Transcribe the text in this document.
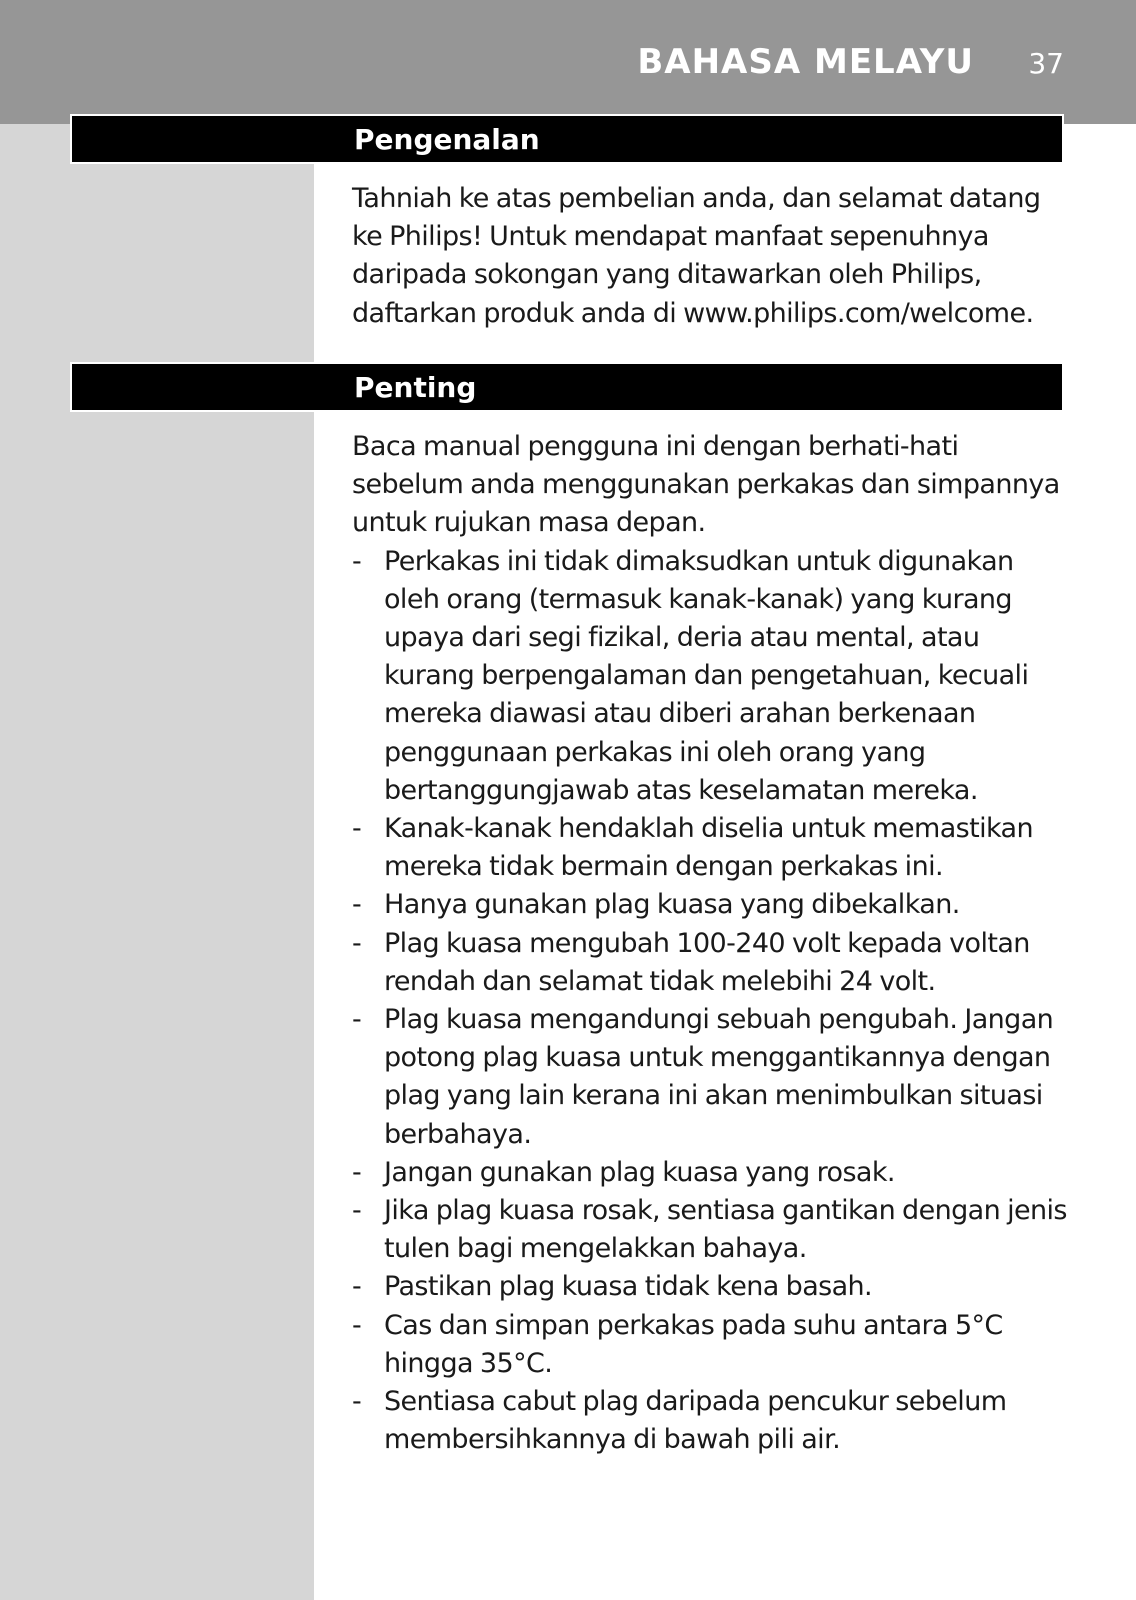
BAHASA MELAYU 37
Pengenalan

Tahniah ke atas pembelian anda, dan selamat datang ke Philips! Untuk mendapat manfaat sepenuhnya daripada sokongan yang ditawarkan oleh Philips, daftarkan produk anda di www.philips.com/welcome.

Penting

Baca manual pengguna ini dengan berhati-hati sebelum anda menggunakan perkakas dan simpannya untuk rujukan masa depan.

- Perkakas ini tidak dimaksudkan untuk digunakan oleh orang (termasuk kanak-kanak) yang kurang upaya dari segi fizikal, deria atau mental, atau kurang berpengalaman dan pengetahuan, kecuali mereka diawasi atau diberi arahan berkenaan penggunaan perkakas ini oleh orang yang bertanggungjawab atas keselamatan mereka.
- Kanak-kanak hendaklah diselia untuk memastikan mereka tidak bermain dengan perkakas ini.
- Hanya gunakan plag kuasa yang dibekalkan.
- Plag kuasa mengubah 100-240 volt kepada voltan rendah dan selamat tidak melebihi 24 volt.
- Plag kuasa mengandungi sebuah pengubah. Jangan potong plag kuasa untuk menggantikannya dengan plag yang lain kerana ini akan menimbulkan situasi berbahaya.
- Jangan gunakan plag kuasa yang rosak.
- Jika plag kuasa rosak, sentiasa gantikan dengan jenis tulen bagi mengelakkan bahaya.
- Pastikan plag kuasa tidak kena basah.
- Cas dan simpan perkakas pada suhu antara 5°C hingga 35°C.
- Sentiasa cabut plag daripada pencukur sebelum membersihkannya di bawah pili air.
